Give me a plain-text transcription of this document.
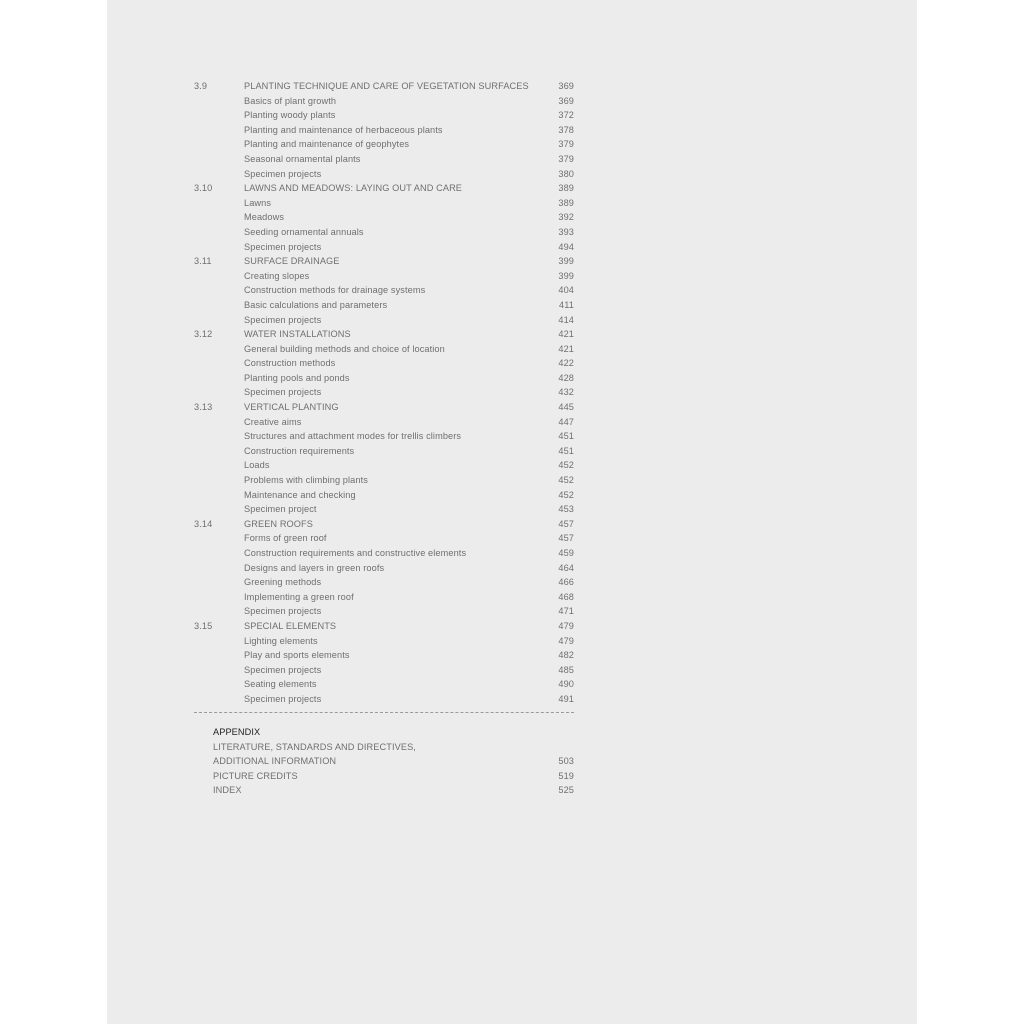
3.9	PLANTING TECHNIQUE AND CARE OF VEGETATION SURFACES	369
Basics of plant growth	369
Planting woody plants	372
Planting and maintenance of herbaceous plants	378
Planting and maintenance of geophytes	379
Seasonal ornamental plants	379
Specimen projects	380
3.10	LAWNS AND MEADOWS: LAYING OUT AND CARE	389
Lawns	389
Meadows	392
Seeding ornamental annuals	393
Specimen projects	494
3.11	SURFACE DRAINAGE	399
Creating slopes	399
Construction methods for drainage systems	404
Basic calculations and parameters	411
Specimen projects	414
3.12	WATER INSTALLATIONS	421
General building methods and choice of location	421
Construction methods	422
Planting pools and ponds	428
Specimen projects	432
3.13	VERTICAL PLANTING	445
Creative aims	447
Structures and attachment modes for trellis climbers	451
Construction requirements	451
Loads	452
Problems with climbing plants	452
Maintenance and checking	452
Specimen project	453
3.14	GREEN ROOFS	457
Forms of green roof	457
Construction requirements and constructive elements	459
Designs and layers in green roofs	464
Greening methods	466
Implementing a green roof	468
Specimen projects	471
3.15	SPECIAL ELEMENTS	479
Lighting elements	479
Play and sports elements	482
Specimen projects	485
Seating elements	490
Specimen projects	491
APPENDIX
LITERATURE, STANDARDS AND DIRECTIVES,
ADDITIONAL INFORMATION	503
PICTURE CREDITS	519
INDEX	525
